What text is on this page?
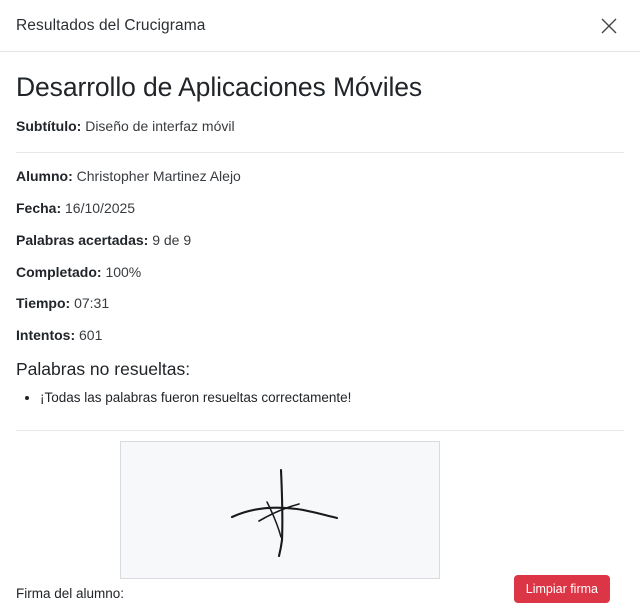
Resultados del Crucigrama
Desarrollo de Aplicaciones Móviles

Subtítulo: Diseño de interfaz móvil

Alumno: Christopher Martinez Alejo

Fecha: 16/10/2025

Palabras acertadas: 9 de 9

Completado: 100%

Tiempo: 07:31

Intentos: 601

Palabras no resueltas:
• ¡Todas las palabras fueron resueltas correctamente!
Firma del alumno:	Limpiar firma
